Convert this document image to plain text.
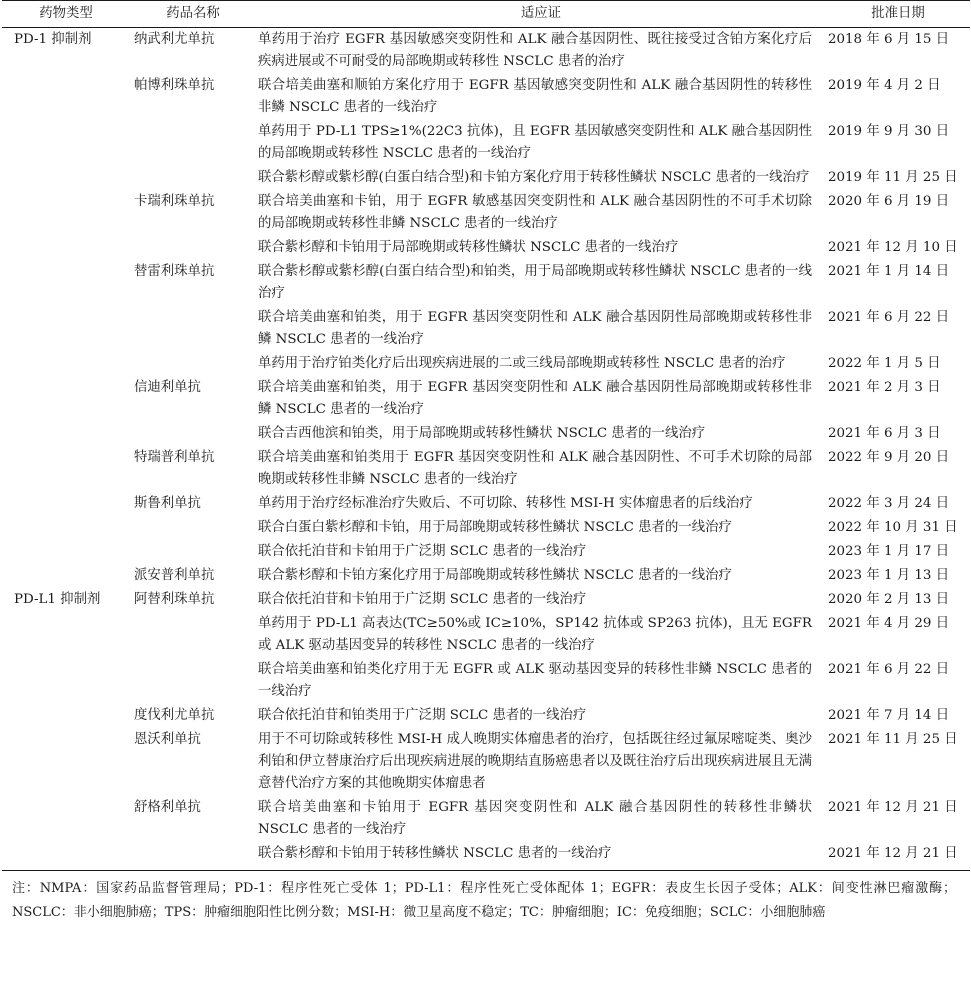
药物类型	药品名称	适应证	批准日期
PD-1 抑制剂	纳武利尤单抗	单药用于治疗 EGFR 基因敏感突变阴性和 ALK 融合基因阴性、既往接受过含铂方案化疗后疾病进展或不可耐受的局部晚期或转移性 NSCLC 患者的治疗	2018 年 6 月 15 日
	帕博利珠单抗	联合培美曲塞和顺铂方案化疗用于 EGFR 基因敏感突变阴性和 ALK 融合基因阴性的转移性非鳞 NSCLC 患者的一线治疗	2019 年 4 月 2 日
		单药用于 PD-L1 TPS≥1%(22C3 抗体)，且 EGFR 基因敏感突变阴性和 ALK 融合基因阴性的局部晚期或转移性 NSCLC 患者的一线治疗	2019 年 9 月 30 日
		联合紫杉醇或紫杉醇(白蛋白结合型)和卡铂方案化疗用于转移性鳞状 NSCLC 患者的一线治疗	2019 年 11 月 25 日
	卡瑞利珠单抗	联合培美曲塞和卡铂，用于 EGFR 敏感基因突变阴性和 ALK 融合基因阴性的不可手术切除的局部晚期或转移性非鳞 NSCLC 患者的一线治疗	2020 年 6 月 19 日
		联合紫杉醇和卡铂用于局部晚期或转移性鳞状 NSCLC 患者的一线治疗	2021 年 12 月 10 日
	替雷利珠单抗	联合紫杉醇或紫杉醇(白蛋白结合型)和铂类，用于局部晚期或转移性鳞状 NSCLC 患者的一线治疗	2021 年 1 月 14 日
		联合培美曲塞和铂类，用于 EGFR 基因突变阴性和 ALK 融合基因阴性局部晚期或转移性非鳞 NSCLC 患者的一线治疗	2021 年 6 月 22 日
		单药用于治疗铂类化疗后出现疾病进展的二或三线局部晚期或转移性 NSCLC 患者的治疗	2022 年 1 月 5 日
	信迪利单抗	联合培美曲塞和铂类，用于 EGFR 基因突变阴性和 ALK 融合基因阴性局部晚期或转移性非鳞 NSCLC 患者的一线治疗	2021 年 2 月 3 日
		联合吉西他滨和铂类，用于局部晚期或转移性鳞状 NSCLC 患者的一线治疗	2021 年 6 月 3 日
	特瑞普利单抗	联合培美曲塞和铂类用于 EGFR 基因突变阴性和 ALK 融合基因阴性、不可手术切除的局部晚期或转移性非鳞 NSCLC 患者的一线治疗	2022 年 9 月 20 日
	斯鲁利单抗	单药用于治疗经标准治疗失败后、不可切除、转移性 MSI-H 实体瘤患者的后线治疗	2022 年 3 月 24 日
		联合白蛋白紫杉醇和卡铂，用于局部晚期或转移性鳞状 NSCLC 患者的一线治疗	2022 年 10 月 31 日
		联合依托泊苷和卡铂用于广泛期 SCLC 患者的一线治疗	2023 年 1 月 17 日
	派安普利单抗	联合紫杉醇和卡铂方案化疗用于局部晚期或转移性鳞状 NSCLC 患者的一线治疗	2023 年 1 月 13 日
PD-L1 抑制剂	阿替利珠单抗	联合依托泊苷和卡铂用于广泛期 SCLC 患者的一线治疗	2020 年 2 月 13 日
		单药用于 PD-L1 高表达(TC≥50%或 IC≥10%，SP142 抗体或 SP263 抗体)，且无 EGFR 或 ALK 驱动基因变异的转移性 NSCLC 患者的一线治疗	2021 年 4 月 29 日
		联合培美曲塞和铂类化疗用于无 EGFR 或 ALK 驱动基因变异的转移性非鳞 NSCLC 患者的一线治疗	2021 年 6 月 22 日
	度伐利尤单抗	联合依托泊苷和铂类用于广泛期 SCLC 患者的一线治疗	2021 年 7 月 14 日
	恩沃利单抗	用于不可切除或转移性 MSI-H 成人晚期实体瘤患者的治疗，包括既往经过氟尿嘧啶类、奥沙利铂和伊立替康治疗后出现疾病进展的晚期结直肠癌患者以及既往治疗后出现疾病进展且无满意替代治疗方案的其他晚期实体瘤患者	2021 年 11 月 25 日
	舒格利单抗	联合培美曲塞和卡铂用于 EGFR 基因突变阴性和 ALK 融合基因阴性的转移性非鳞状 NSCLC 患者的一线治疗	2021 年 12 月 21 日
		联合紫杉醇和卡铂用于转移性鳞状 NSCLC 患者的一线治疗	2021 年 12 月 21 日
注：NMPA：国家药品监督管理局；PD-1：程序性死亡受体 1；PD-L1：程序性死亡受体配体 1；EGFR：表皮生长因子受体；ALK：间变性淋巴瘤激酶；NSCLC：非小细胞肺癌；TPS：肿瘤细胞阳性比例分数；MSI-H：微卫星高度不稳定；TC：肿瘤细胞；IC：免疫细胞；SCLC：小细胞肺癌
